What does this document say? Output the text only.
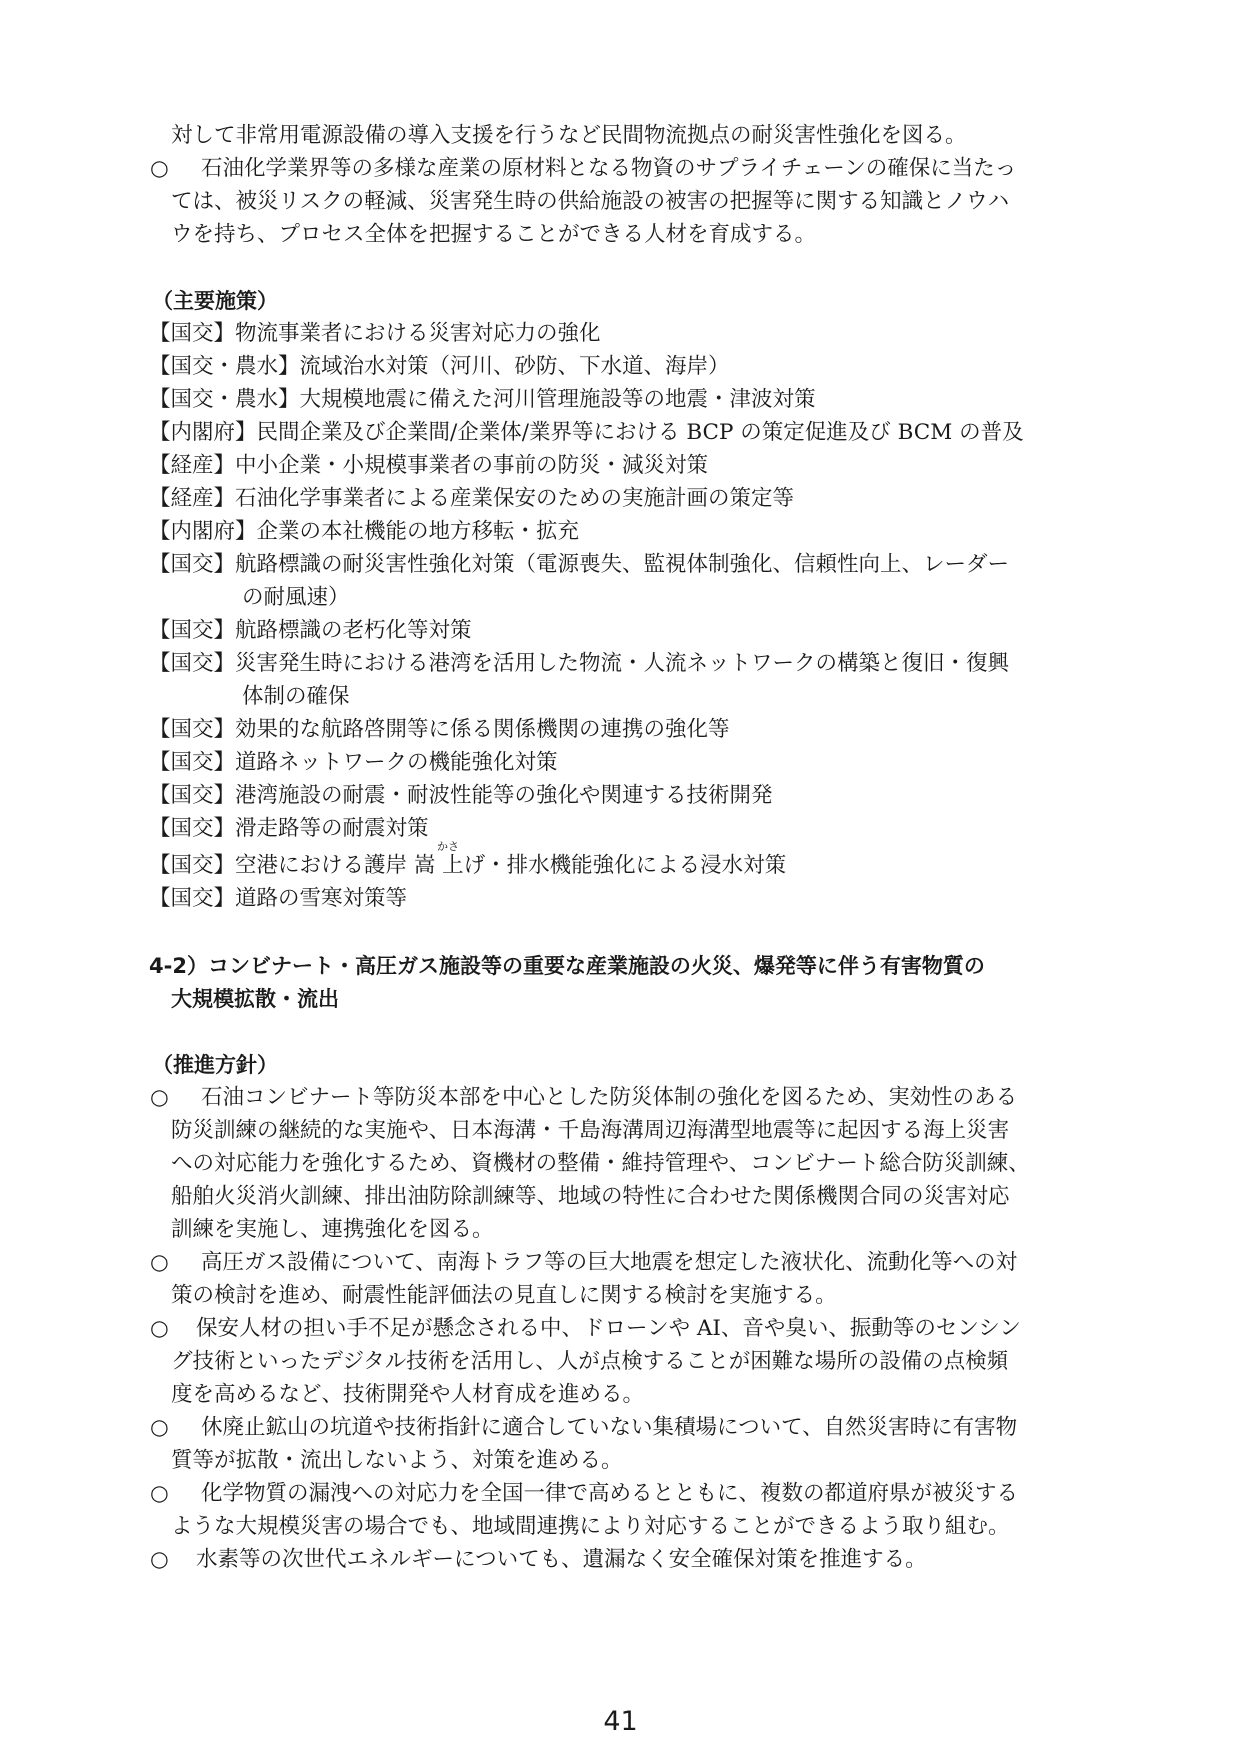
対して非常用電源設備の導入支援を行うなど民間物流拠点の耐災害性強化を図る。
○ 石油化学業界等の多様な産業の原材料となる物資のサプライチェーンの確保に当たっ
ては、被災リスクの軽減、災害発生時の供給施設の被害の把握等に関する知識とノウハ
ウを持ち、プロセス全体を把握することができる人材を育成する。
（主要施策）
【国交】物流事業者における災害対応力の強化
【国交・農水】流域治水対策（河川、砂防、下水道、海岸）
【国交・農水】大規模地震に備えた河川管理施設等の地震・津波対策
【内閣府】民間企業及び企業間/企業体/業界等における BCP の策定促進及び BCM の普及
【経産】中小企業・小規模事業者の事前の防災・減災対策
【経産】石油化学事業者による産業保安のための実施計画の策定等
【内閣府】企業の本社機能の地方移転・拡充
【国交】航路標識の耐災害性強化対策（電源喪失、監視体制強化、信頼性向上、レーダー
の耐風速）
【国交】航路標識の老朽化等対策
【国交】災害発生時における港湾を活用した物流・人流ネットワークの構築と復旧・復興
体制の確保
【国交】効果的な航路啓開等に係る関係機関の連携の強化等
【国交】道路ネットワークの機能強化対策
【国交】港湾施設の耐震・耐波性能等の強化や関連する技術開発
【国交】滑走路等の耐震対策
かさ
【国交】空港における護岸 嵩 上げ・排水機能強化による浸水対策
【国交】道路の雪寒対策等
4-2）コンビナート・高圧ガス施設等の重要な産業施設の火災、爆発等に伴う有害物質の
大規模拡散・流出
（推進方針）
○ 石油コンビナート等防災本部を中心とした防災体制の強化を図るため、実効性のある
防災訓練の継続的な実施や、日本海溝・千島海溝周辺海溝型地震等に起因する海上災害
への対応能力を強化するため、資機材の整備・維持管理や、コンビナート総合防災訓練、
船舶火災消火訓練、排出油防除訓練等、地域の特性に合わせた関係機関合同の災害対応
訓練を実施し、連携強化を図る。
○ 高圧ガス設備について、南海トラフ等の巨大地震を想定した液状化、流動化等への対
策の検討を進め、耐震性能評価法の見直しに関する検討を実施する。
○ 保安人材の担い手不足が懸念される中、ドローンや AI、音や臭い、振動等のセンシン
グ技術といったデジタル技術を活用し、人が点検することが困難な場所の設備の点検頻
度を高めるなど、技術開発や人材育成を進める。
○ 休廃止鉱山の坑道や技術指針に適合していない集積場について、自然災害時に有害物
質等が拡散・流出しないよう、対策を進める。
○ 化学物質の漏洩への対応力を全国一律で高めるとともに、複数の都道府県が被災する
ような大規模災害の場合でも、地域間連携により対応することができるよう取り組む。
○ 水素等の次世代エネルギーについても、遺漏なく安全確保対策を推進する。
41
